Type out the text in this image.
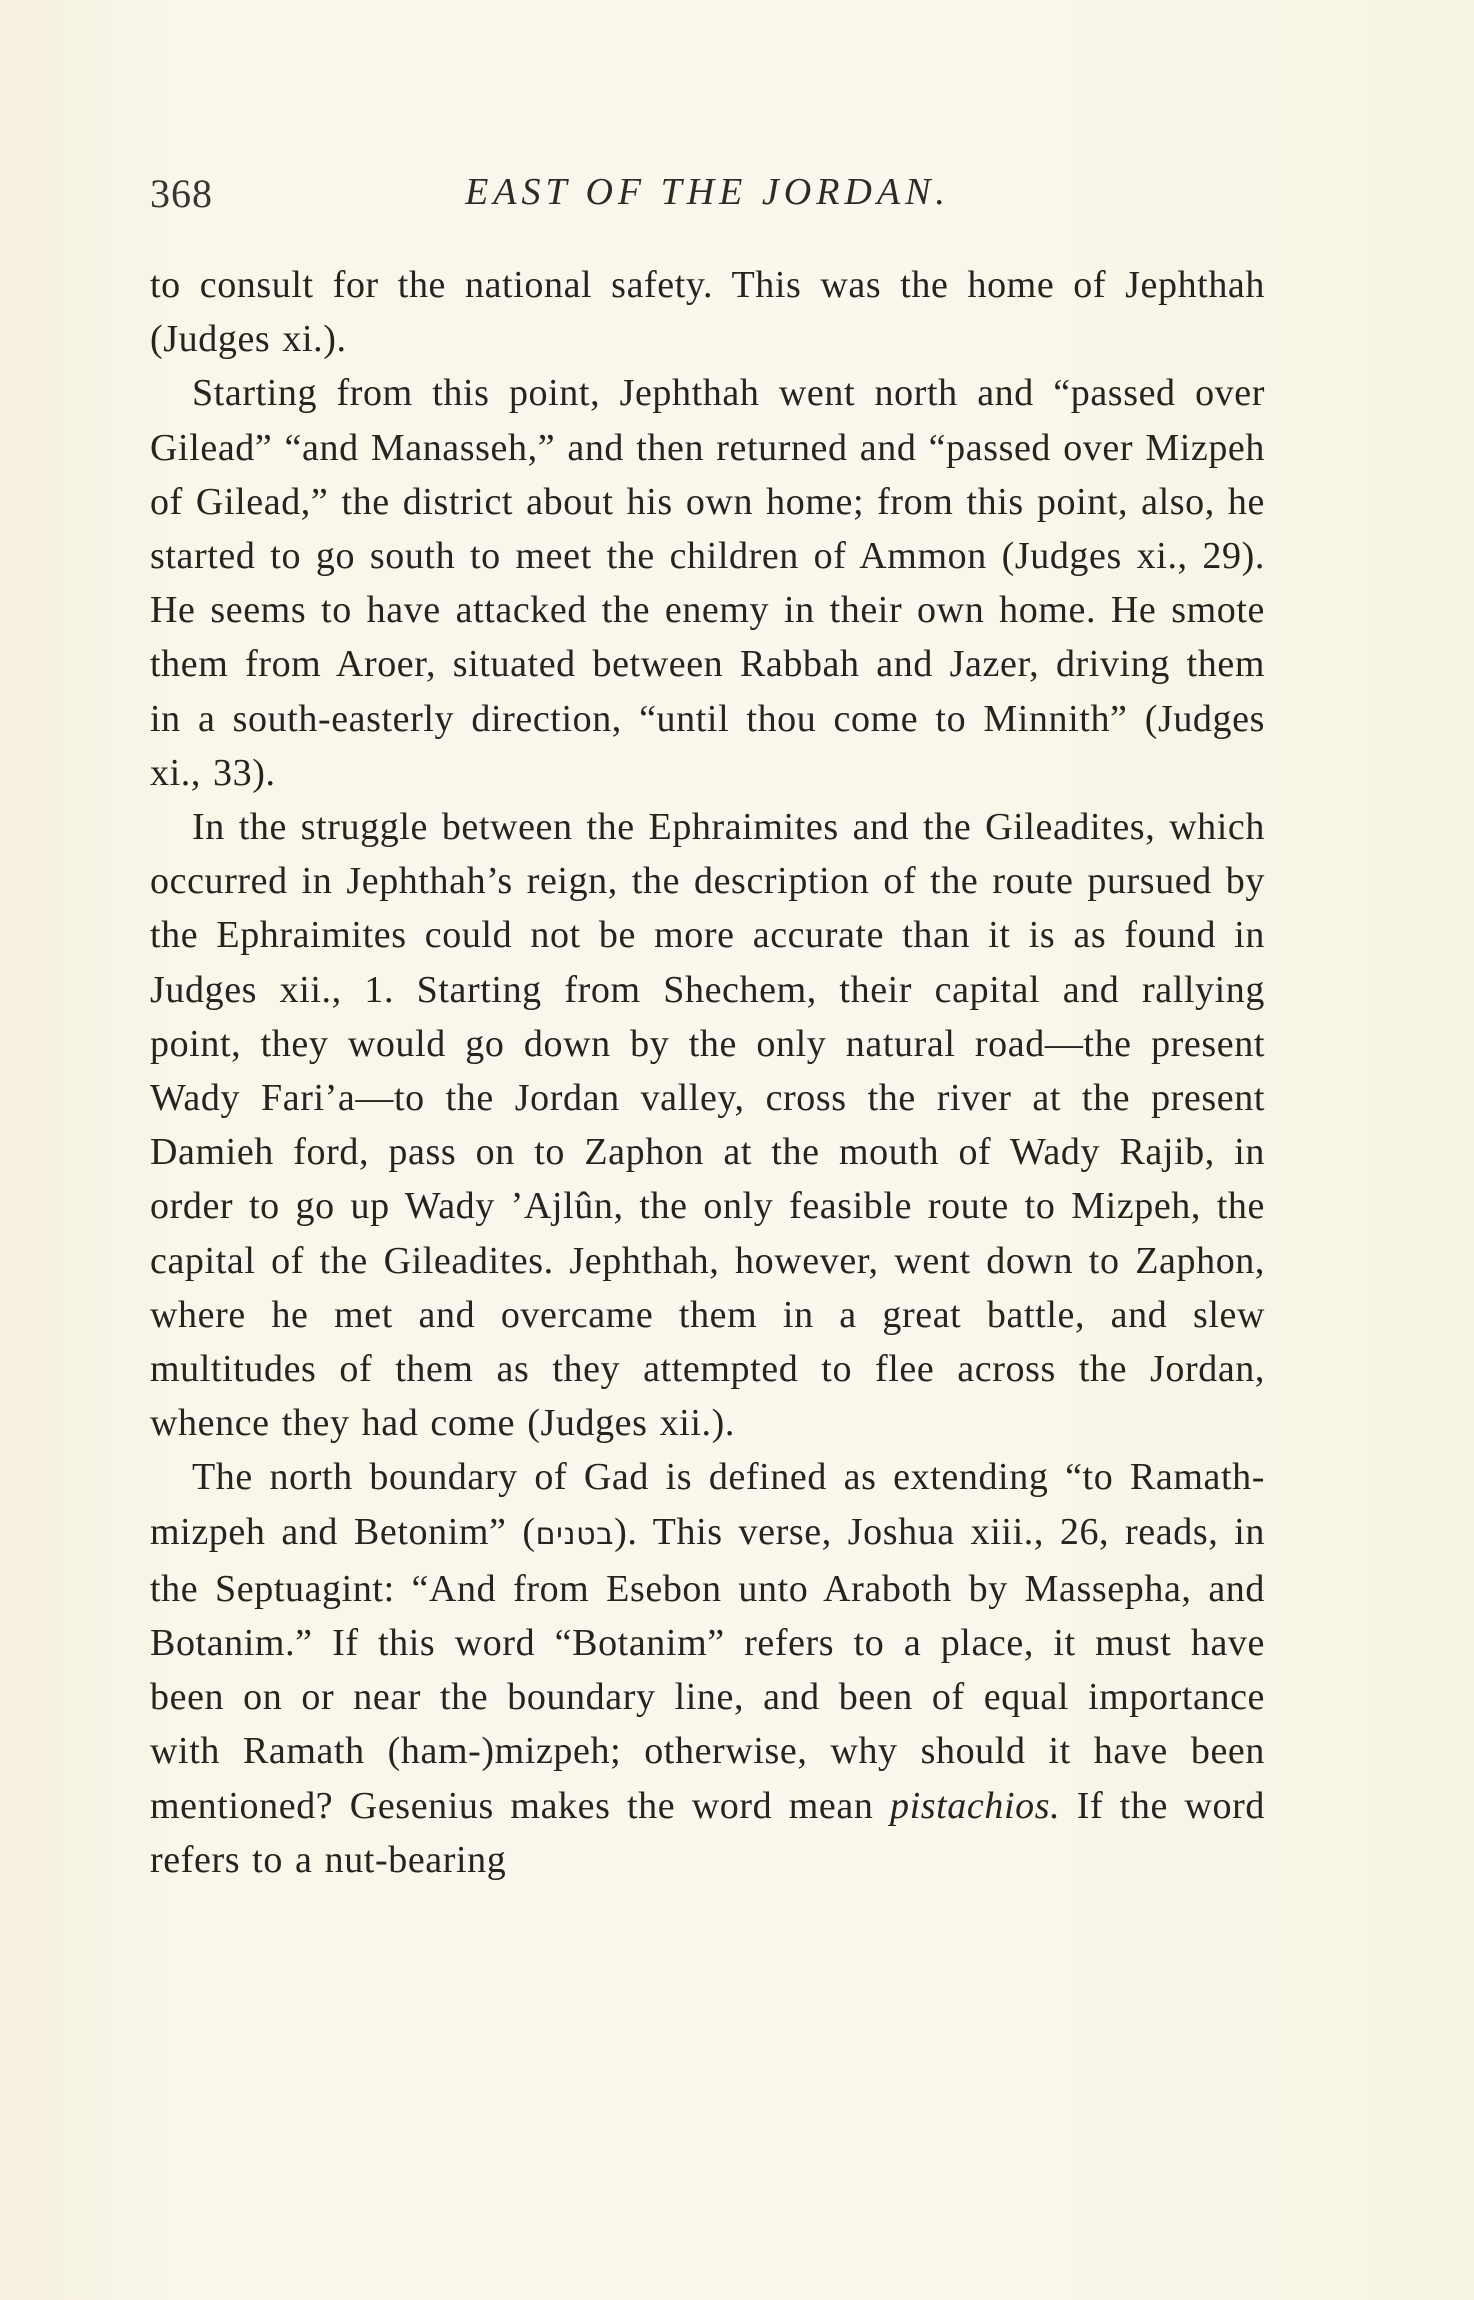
368	EAST OF THE JORDAN.

to consult for the national safety. This was the home of Jephthah (Judges xi.).

Starting from this point, Jephthah went north and “passed over Gilead” “and Manasseh,” and then returned and “passed over Mizpeh of Gilead,” the district about his own home; from this point, also, he started to go south to meet the children of Ammon (Judges xi., 29). He seems to have attacked the enemy in their own home. He smote them from Aroer, situated between Rabbah and Jazer, driving them in a south-easterly direction, “until thou come to Minnith” (Judges xi., 33).

In the struggle between the Ephraimites and the Gileadites, which occurred in Jephthah’s reign, the description of the route pursued by the Ephraimites could not be more accurate than it is as found in Judges xii., 1. Starting from Shechem, their capital and rallying point, they would go down by the only natural road—the present Wady Fari’a—to the Jordan valley, cross the river at the present Damieh ford, pass on to Zaphon at the mouth of Wady Rajib, in order to go up Wady ’Ajlûn, the only feasible route to Mizpeh, the capital of the Gileadites. Jephthah, however, went down to Zaphon, where he met and overcame them in a great battle, and slew multitudes of them as they attempted to flee across the Jordan, whence they had come (Judges xii.).

The north boundary of Gad is defined as extending “to Ramath-mizpeh and Betonim” (בטנים). This verse, Joshua xiii., 26, reads, in the Septuagint: “And from Esebon unto Araboth by Massepha, and Botanim.” If this word “Botanim” refers to a place, it must have been on or near the boundary line, and been of equal importance with Ramath (ham-)mizpeh; otherwise, why should it have been mentioned? Gesenius makes the word mean pistachios. If the word refers to a nut-bearing
